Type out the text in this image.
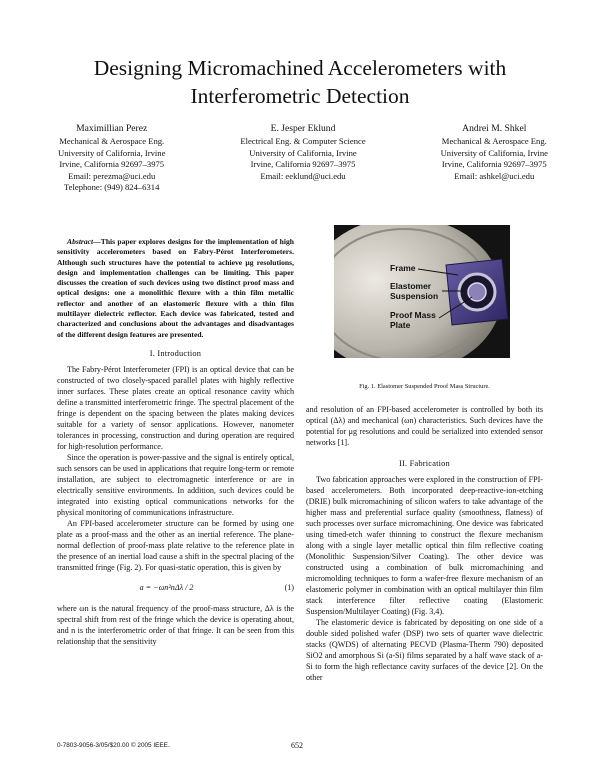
Designing Micromachined Accelerometers with
Interferometric Detection
Maximillian Perez
Mechanical & Aerospace Eng.
University of California, Irvine
Irvine, California 92697–3975
Email: perezma@uci.edu
Telephone: (949) 824–6314
E. Jesper Eklund
Electrical Eng. & Computer Science
University of California, Irvine
Irvine, California 92697–3975
Email: eeklund@uci.edu
Andrei M. Shkel
Mechanical & Aerospace Eng.
University of California, Irvine
Irvine, California 92697–3975
Email: ashkel@uci.edu

Abstract—This paper explores designs for the implementation of high sensitivity accelerometers based on Fabry-Pérot Interferometers. Although such structures have the potential to achieve μg resolutions, design and implementation challenges can be limiting. This paper discusses the creation of such devices using two distinct proof mass and optical designs: one a monolithic flexure with a thin film metallic reflector and another of an elastomeric flexure with a thin film multilayer dielectric reflector. Each device was fabricated, tested and characterized and conclusions about the advantages and disadvantages of the different design features are presented.

I. Introduction

The Fabry-Pérot Interferometer (FPI) is an optical device that can be constructed of two closely-spaced parallel plates with highly reflective inner surfaces. These plates create an optical resonance cavity which define a transmitted interferometric fringe. The spectral placement of the fringe is dependent on the spacing between the plates making devices suitable for a variety of sensor applications. However, nanometer tolerances in processing, construction and during operation are required for high-resolution performance.

Since the operation is power-passive and the signal is entirely optical, such sensors can be used in applications that require long-term or remote installation, are subject to electromagnetic interference or are in electrically sensitive environments. In addition, such devices could be integrated into existing optical communications networks for the physical monitoring of communications infrastructure.

An FPI-based accelerometer structure can be formed by using one plate as a proof-mass and the other as an inertial reference. The plane-normal deflection of proof-mass plate relative to the reference plate in the presence of an inertial load cause a shift in the spectral placing of the transmitted fringe (Fig. 2). For quasi-static operation, this is given by

a = −ωn²nΔλ / 2	(1)

where ωn is the natural frequency of the proof-mass structure, Δλ is the spectral shift from rest of the fringe which the device is operating about, and n is the interferometric order of that fringe. It can be seen from this relationship that the sensitivity

Frame
Elastomer Suspension
Proof Mass Plate
Fig. 1. Elastomer Suspended Proof Mass Structure.

and resolution of an FPI-based accelerometer is controlled by both its optical (Δλ) and mechanical (ωn) characteristics. Such devices have the potential for μg resolutions and could be serialized into extended sensor networks [1].

II. Fabrication

Two fabrication approaches were explored in the construction of FPI-based accelerometers. Both incorporated deep-reactive-ion-etching (DRIE) bulk micromachining of silicon wafers to take advantage of the higher mass and preferential surface quality (smoothness, flatness) of such processes over surface micromachining. One device was fabricated using timed-etch wafer thinning to construct the flexure mechanism along with a single layer metallic optical thin film reflective coating (Monolithic Suspension/Silver Coating). The other device was constructed using a combination of bulk micromachining and micromolding techniques to form a wafer-free flexure mechanism of an elastomeric polymer in combination with an optical multilayer thin film stack interference filter reflective coating (Elastomeric Suspension/Multilayer Coating) (Fig. 3,4).

The elastomeric device is fabricated by depositing on one side of a double sided polished wafer (DSP) two sets of quarter wave dielectric stacks (QWDS) of alternating PECVD (Plasma-Therm 790) deposited SiO2 and amorphous Si (a-Si) films separated by a half wave stack of a-Si to form the high reflectance cavity surfaces of the device [2]. On the other

0-7803-9056-3/05/$20.00 © 2005 IEEE.	652
